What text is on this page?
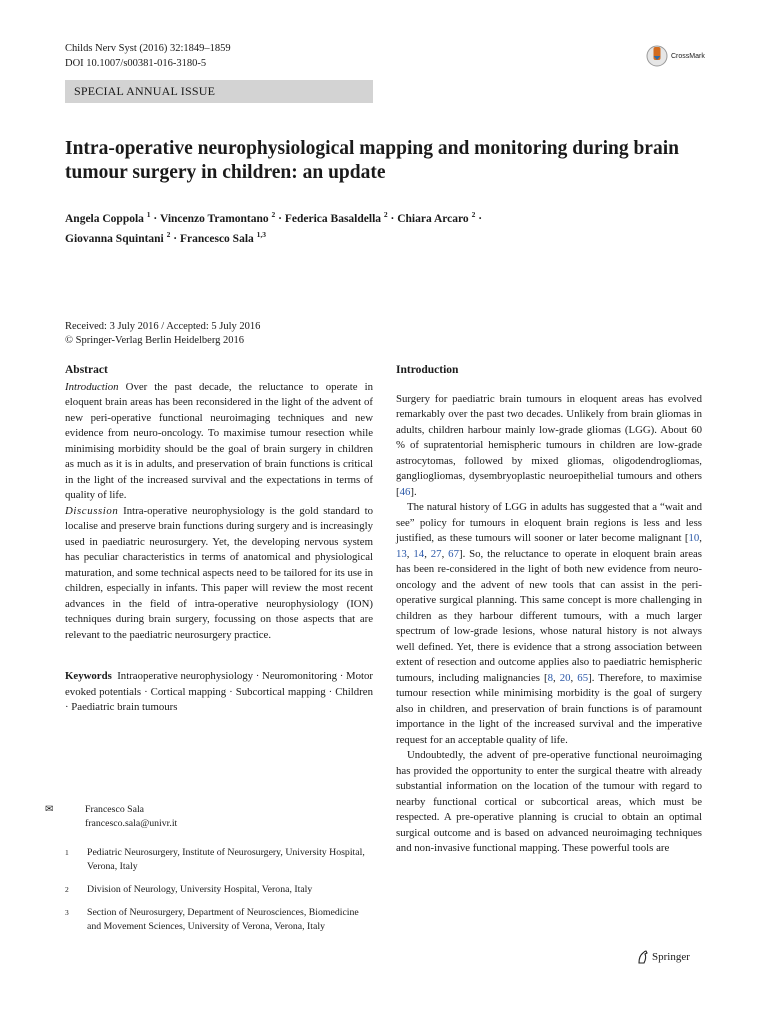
Childs Nerv Syst (2016) 32:1849–1859
DOI 10.1007/s00381-016-3180-5
CrossMark
SPECIAL ANNUAL ISSUE
Intra-operative neurophysiological mapping and monitoring during brain tumour surgery in children: an update
Angela Coppola $^1$ · Vincenzo Tramontano $^2$ · Federica Basaldella $^2$ · Chiara Arcaro $^2$ ·
Giovanna Squintani $^2$ · Francesco Sala $^{1,3}$
Received: 3 July 2016 / Accepted: 5 July 2016
© Springer-Verlag Berlin Heidelberg 2016
Abstract

Introduction Over the past decade, the reluctance to operate in eloquent brain areas has been reconsidered in the light of the advent of new peri-operative functional neuroimaging techniques and new evidence from neuro-oncology. To maximise tumour resection while minimising morbidity should be the goal of brain surgery in children as much as it is in adults, and preservation of brain functions is critical in the light of the increased survival and the expectations in terms of quality of life.

Discussion Intra-operative neurophysiology is the gold standard to localise and preserve brain functions during surgery and is increasingly used in paediatric neurosurgery. Yet, the developing nervous system has peculiar characteristics in terms of anatomical and physiological maturation, and some technical aspects need to be tailored for its use in children, especially in infants. This paper will review the most recent advances in the field of intra-operative neurophysiology (ION) techniques during brain surgery, focussing on those aspects that are relevant to the paediatric neurosurgery practice.

Keywords Intraoperative neurophysiology · Neuromonitoring · Motor evoked potentials · Cortical mapping · Subcortical mapping · Children · Paediatric brain tumours

✉	Francesco Sala
francesco.sala@univr.it
1	Pediatric Neurosurgery, Institute of Neurosurgery, University Hospital, Verona, Italy
2	Division of Neurology, University Hospital, Verona, Italy
3	Section of Neurosurgery, Department of Neurosciences, Biomedicine and Movement Sciences, University of Verona, Verona, Italy
Introduction

Surgery for paediatric brain tumours in eloquent areas has evolved remarkably over the past two decades. Unlikely from brain gliomas in adults, children harbour mainly low-grade gliomas (LGG). About 60 % of supratentorial hemispheric tumours in children are low-grade astrocytomas, followed by mixed gliomas, oligodendrogliomas, gangliogliomas, dysembryoplastic neuroepithelial tumours and others [46].

The natural history of LGG in adults has suggested that a “wait and see” policy for tumours in eloquent brain regions is less and less justified, as these tumours will sooner or later become malignant [10, 13, 14, 27, 67]. So, the reluctance to operate in eloquent brain areas has been re-considered in the light of both new evidence from neuro-oncology and the advent of new tools that can assist in the peri-operative surgical planning. This same concept is more challenging in children as they harbour different tumours, with a much larger spectrum of low-grade lesions, whose natural history is not always well defined. Yet, there is evidence that a strong association between extent of resection and outcome applies also to paediatric hemispheric tumours, including malignancies [8, 20, 65]. Therefore, to maximise tumour resection while minimising morbidity is the goal of surgery also in children, and preservation of brain functions is of paramount importance in the light of the increased survival and the imperative request for an acceptable quality of life.

Undoubtedly, the advent of pre-operative functional neuroimaging has provided the opportunity to enter the surgical theatre with already substantial information on the location of the tumour with regard to nearby functional cortical or subcortical areas, which must be respected. A pre-operative planning is crucial to obtain an optimal surgical outcome and is based on advanced neuroimaging techniques and non-invasive functional mapping. These powerful tools are

Springer
